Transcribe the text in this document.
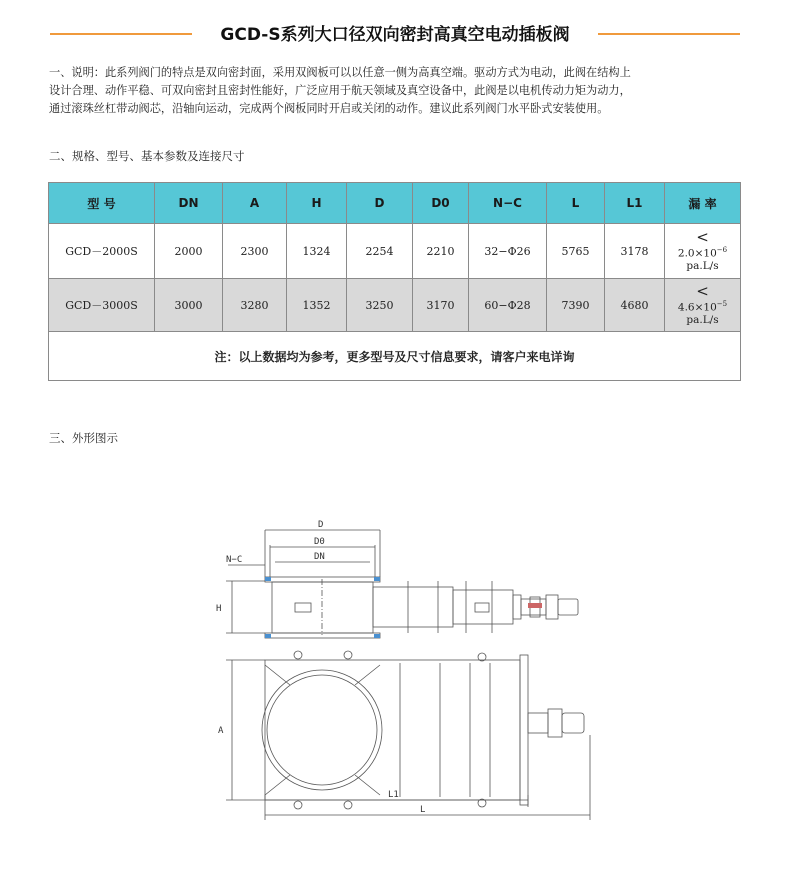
GCD-S系列大口径双向密封高真空电动插板阀

一、说明：此系列阀门的特点是双向密封面，采用双阀板可以以任意一侧为高真空端。驱动方式为电动，此阀在结构上

设计合理、动作平稳、可双向密封且密封性能好，广泛应用于航天领域及真空设备中，此阀是以电机传动力矩为动力，

通过滚珠丝杠带动阀芯，沿轴向运动，完成两个阀板同时开启或关闭的动作。建议此系列阀门水平卧式安装使用。

二、规格、型号、基本参数及连接尺寸
型 号	DN	A	H	D	D0	N−C	L	L1	漏 率
GCD－2000S	2000	2300	1324	2254	2210	32−Φ26	5765	3178	<
$2.0\times 10^{-6}$
pa.L/s
GCD－3000S	3000	3280	1352	3250	3170	60−Φ28	7390	4680	<
$4.6\times 10^{-5}$
pa.L/s
注：以上数据均为参考，更多型号及尺寸信息要求，请客户来电详询									
三、外形图示
D
D0
DN
N−C
H
A
L1
L
